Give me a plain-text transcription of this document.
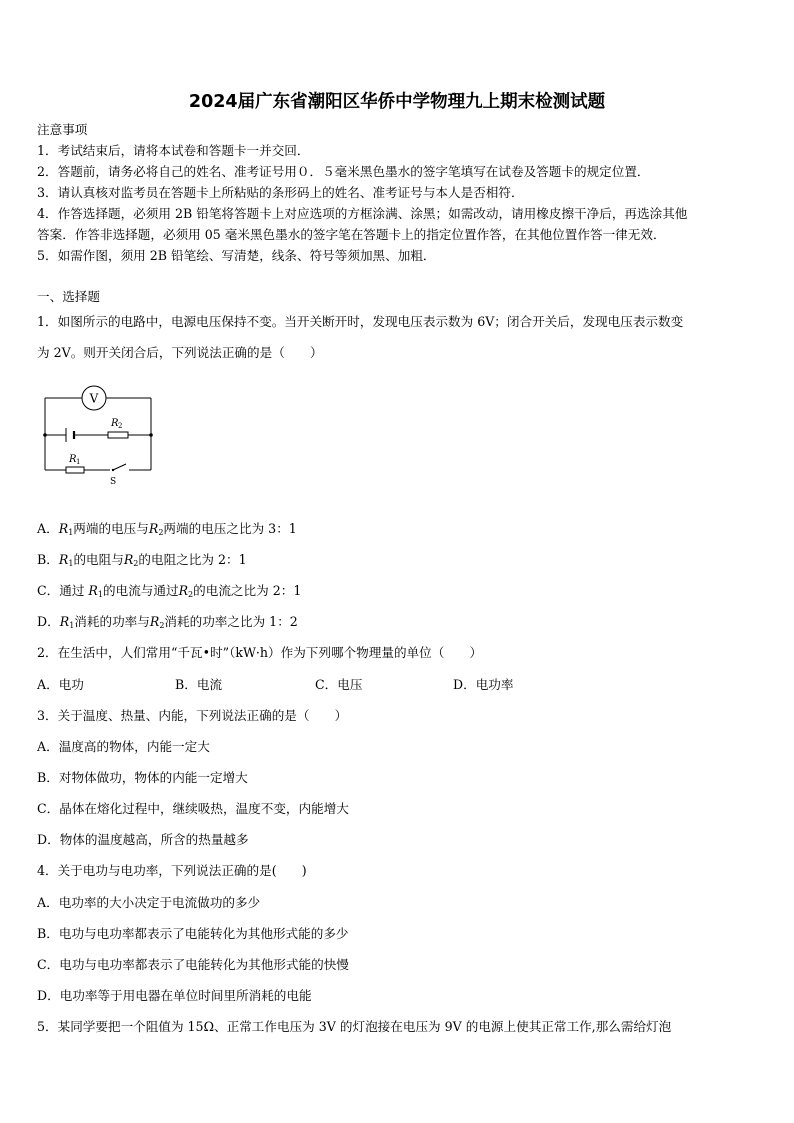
2024届广东省潮阳区华侨中学物理九上期末检测试题
注意事项
1．考试结束后，请将本试卷和答题卡一并交回．
2．答题前，请务必将自己的姓名、准考证号用０．５毫米黑色墨水的签字笔填写在试卷及答题卡的规定位置．
3．请认真核对监考员在答题卡上所粘贴的条形码上的姓名、准考证号与本人是否相符．
4．作答选择题，必须用 2B 铅笔将答题卡上对应选项的方框涂满、涂黑；如需改动，请用橡皮擦干净后，再选涂其他
答案．作答非选择题，必须用 05 毫米黑色墨水的签字笔在答题卡上的指定位置作答，在其他位置作答一律无效．
5．如需作图，须用 2B 铅笔绘、写清楚，线条、符号等须加黑、加粗．
一、选择题
1．如图所示的电路中，电源电压保持不变。当开关断开时，发现电压表示数为 6V；闭合开关后，发现电压表示数变
为 2V。则开关闭合后，下列说法正确的是（　　）
V
R 2
R 1
S
A．$R_1$两端的电压与$R_2$两端的电压之比为 3：1
B．$R_1$的电阻与$R_2$的电阻之比为 2：1
C．通过 $R_1$的电流与通过$R_2$的电流之比为 2：1
D．$R_1$消耗的功率与$R_2$消耗的功率之比为 1：2
2．在生活中，人们常用“千瓦•时”（kW·h）作为下列哪个物理量的单位（　　）
A．电功	B．电流	C．电压	D．电功率
3．关于温度、热量、内能，下列说法正确的是（　　）
A．温度高的物体，内能一定大
B．对物体做功，物体的内能一定增大
C．晶体在熔化过程中，继续吸热，温度不变，内能增大
D．物体的温度越高，所含的热量越多
4．关于电功与电功率，下列说法正确的是(　　)
A．电功率的大小决定于电流做功的多少
B．电功与电功率都表示了电能转化为其他形式能的多少
C．电功与电功率都表示了电能转化为其他形式能的快慢
D．电功率等于用电器在单位时间里所消耗的电能
5．某同学要把一个阻值为 15Ω、正常工作电压为 3V 的灯泡接在电压为 9V 的电源上使其正常工作,那么需给灯泡
